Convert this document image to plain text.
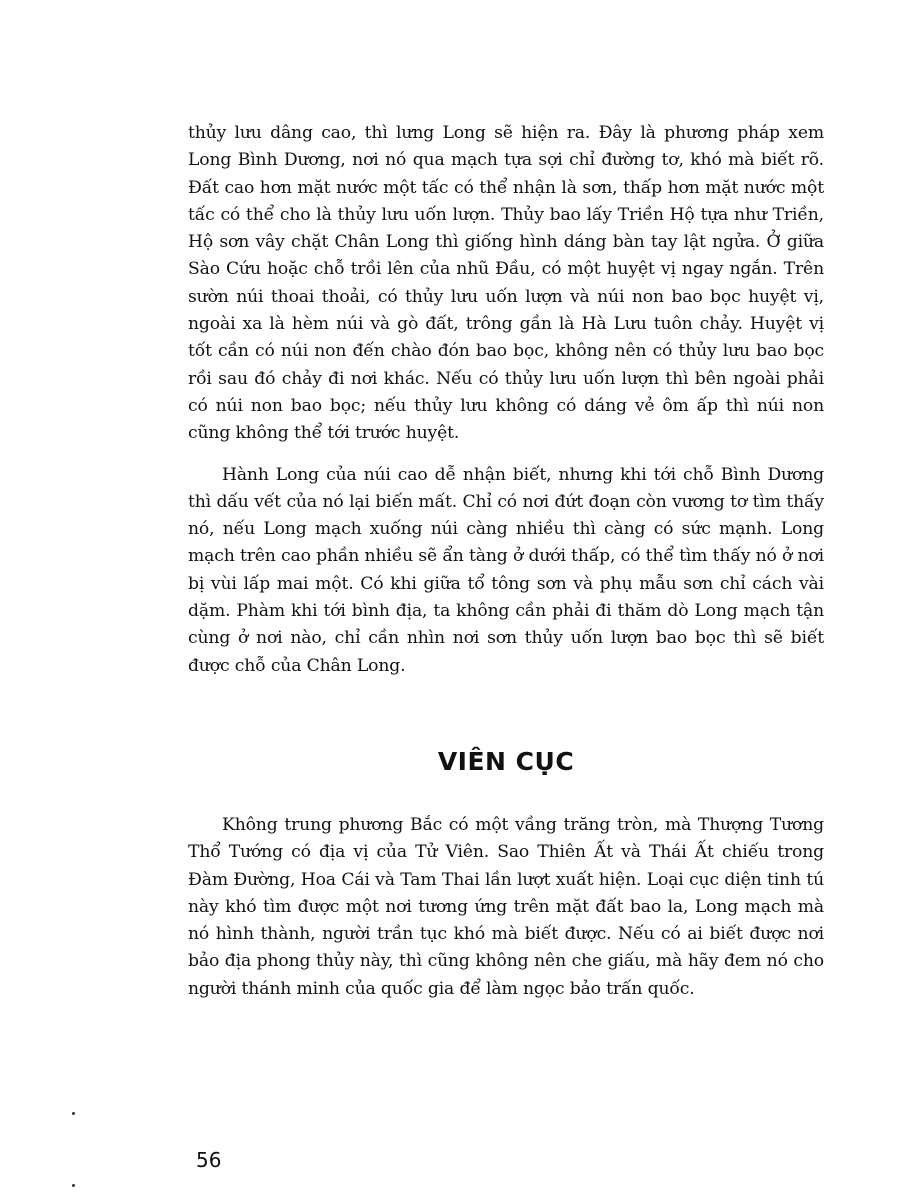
thủy lưu dâng cao, thì lưng Long sẽ hiện ra. Đây là phương pháp xem Long Bình Dương, nơi nó qua mạch tựa sợi chỉ đường tơ, khó mà biết rõ. Đất cao hơn mặt nước một tấc có thể nhận là sơn, thấp hơn mặt nước một tấc có thể cho là thủy lưu uốn lượn. Thủy bao lấy Triền Hộ tựa như Triền, Hộ sơn vây chặt Chân Long thì giống hình dáng bàn tay lật ngửa. Ở giữa Sào Cứu hoặc chỗ trồi lên của nhũ Đầu, có một huyệt vị ngay ngắn. Trên sườn núi thoai thoải, có thủy lưu uốn lượn và núi non bao bọc huyệt vị, ngoài xa là hèm núi và gò đất, trông gần là Hà Lưu tuôn chảy. Huyệt vị tốt cần có núi non đến chào đón bao bọc, không nên có thủy lưu bao bọc rồi sau đó chảy đi nơi khác. Nếu có thủy lưu uốn lượn thì bên ngoài phải có núi non bao bọc; nếu thủy lưu không có dáng vẻ ôm ấp thì núi non cũng không thể tới trước huyệt.

Hành Long của núi cao dễ nhận biết, nhưng khi tới chỗ Bình Dương thì dấu vết của nó lại biến mất. Chỉ có nơi đứt đoạn còn vương tơ tìm thấy nó, nếu Long mạch xuống núi càng nhiều thì càng có sức mạnh. Long mạch trên cao phần nhiều sẽ ẩn tàng ở dưới thấp, có thể tìm thấy nó ở nơi bị vùi lấp mai một. Có khi giữa tổ tông sơn và phụ mẫu sơn chỉ cách vài dặm. Phàm khi tới bình địa, ta không cần phải đi thăm dò Long mạch tận cùng ở nơi nào, chỉ cần nhìn nơi sơn thủy uốn lượn bao bọc thì sẽ biết được chỗ của Chân Long.

VIÊN CỤC

Không trung phương Bắc có một vầng trăng tròn, mà Thượng Tương Thổ Tướng có địa vị của Tử Viên. Sao Thiên Ất và Thái Ất chiếu trong Đàm Đường, Hoa Cái và Tam Thai lần lượt xuất hiện. Loại cục diện tinh tú này khó tìm được một nơi tương ứng trên mặt đất bao la, Long mạch mà nó hình thành, người trần tục khó mà biết được. Nếu có ai biết được nơi bảo địa phong thủy này, thì cũng không nên che giấu, mà hãy đem nó cho người thánh minh của quốc gia để làm ngọc bảo trấn quốc.

56
